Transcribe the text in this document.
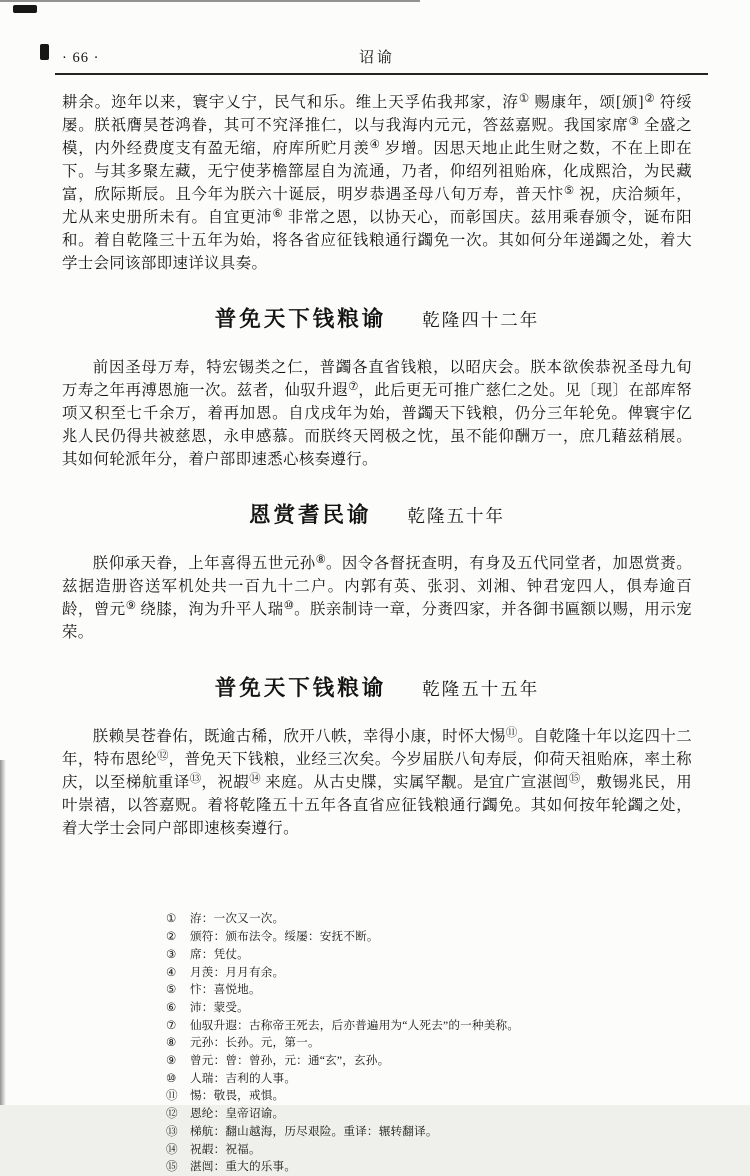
· 66 ·	诏谕

耕余。迩年以来，寰宇乂宁，民气和乐。维上天孚佑我邦家，洊① 赐康年，颂[颁]② 符绥屡。朕祇膺昊苍鸿眷，其可不究泽推仁，以与我海内元元，答兹嘉贶。我国家席③ 全盛之模，内外经费度支有盈无缩，府库所贮月羡④ 岁增。因思天地止此生财之数，不在上即在下。与其多聚左藏，无宁使茅檐篰屋自为流通，乃者，仰绍列祖贻庥，化成熙洽，为民藏富，欣际斯辰。且今年为朕六十诞辰，明岁恭遇圣母八旬万寿，普天忭⑤ 祝，庆洽频年，尤从来史册所未有。自宜更沛⑥ 非常之恩，以协天心，而彰国庆。兹用乘春颁令，诞布阳和。着自乾隆三十五年为始，将各省应征钱粮通行蠲免一次。其如何分年递蠲之处，着大学士会同该部即速详议具奏。

普免天下钱粮谕 乾隆四十二年

前因圣母万寿，特宏锡类之仁，普蠲各直省钱粮，以昭庆会。朕本欲俟恭祝圣母九旬万寿之年再溥恩施一次。兹者，仙驭升遐⑦，此后更无可推广慈仁之处。见〔现〕在部库帑项又积至七千余万，着再加恩。自戊戌年为始，普蠲天下钱粮，仍分三年轮免。俾寰宇亿兆人民仍得共被慈恩，永申感慕。而朕终天罔极之忱，虽不能仰酬万一，庶几藉兹稍展。其如何轮派年分，着户部即速悉心核奏遵行。

恩赏耆民谕 乾隆五十年

朕仰承天眷，上年喜得五世元孙⑧。因令各督抚查明，有身及五代同堂者，加恩赏赉。兹据造册咨送军机处共一百九十二户。内郭有英、张羽、刘湘、钟君宠四人，俱寿逾百龄，曾元⑨ 绕膝，洵为升平人瑞⑩。朕亲制诗一章，分赉四家，并各御书匾额以赐，用示宠荣。

普免天下钱粮谕 乾隆五十五年

朕赖昊苍眷佑，既逾古稀，欣开八帙，幸得小康，时怀大惕⑪。自乾隆十年以迄四十二年，特布恩纶⑫，普免天下钱粮，业经三次矣。今岁届朕八旬寿辰，仰荷天祖贻庥，率土称庆，以至梯航重译⑬，祝嘏⑭ 来庭。从古史牒，实属罕觏。是宜广宣湛闿⑮，敷锡兆民，用叶崇禧，以答嘉贶。着将乾隆五十五年各直省应征钱粮通行蠲免。其如何按年轮蠲之处，着大学士会同户部即速核奏遵行。

①	洊：一次又一次。
②	颁符：颁布法令。绥屡：安抚不断。
③	席：凭仗。
④	月羡：月月有余。
⑤	忭：喜悦地。
⑥	沛：蒙受。
⑦	仙驭升遐：古称帝王死去，后亦普遍用为“人死去”的一种美称。
⑧	元孙：长孙。元，第一。
⑨	曾元：曾：曾孙，元：通“玄”，玄孙。
⑩	人瑞：吉利的人事。
⑪	惕：敬畏，戒惧。
⑫	恩纶：皇帝诏谕。
⑬	梯航：翻山越海，历尽艰险。重译：辗转翻译。
⑭	祝嘏：祝福。
⑮	湛闿：重大的乐事。
